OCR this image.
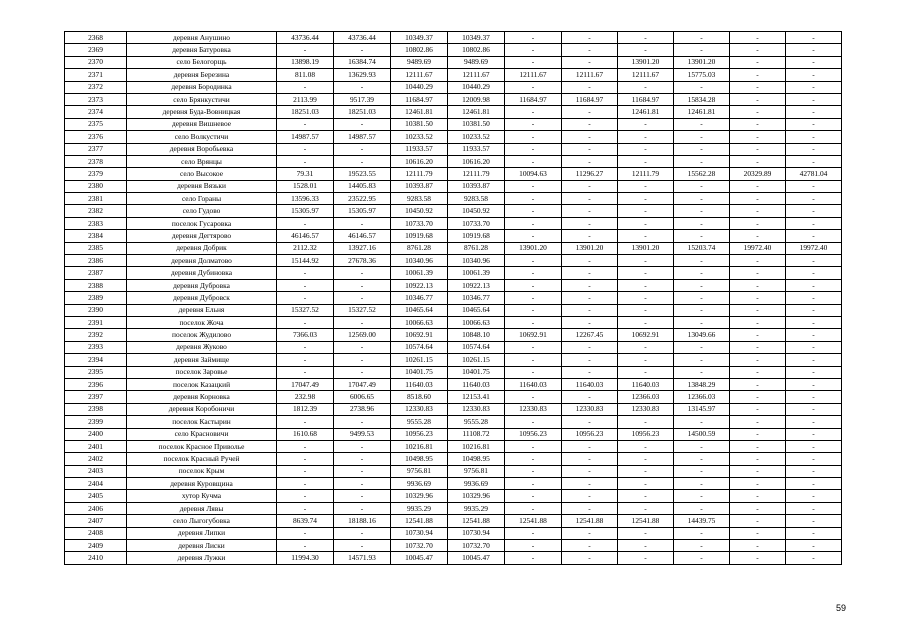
2368	деревня Анушино	43736.44	43736.44	10349.37	10349.37	-	-	-	-	-	-
2369	деревня Батуровка	-	-	10802.86	10802.86	-	-	-	-	-	-
2370	село Белогорщь	13898.19	16384.74	9489.69	9489.69	-	-	13901.20	13901.20	-	-
2371	деревня Березина	811.08	13629.93	12111.67	12111.67	12111.67	12111.67	12111.67	15775.03	-	-
2372	деревня Бородинка	-	-	10440.29	10440.29	-	-	-	-	-	-
2373	село Брянкустичи	2113.99	9517.39	11684.97	12009.98	11684.97	11684.97	11684.97	15834.28	-	-
2374	деревня Буда-Вовницкая	18251.03	18251.03	12461.81	12461.81	-	-	12461.81	12461.81	-	-
2375	деревня Вишневое	-	-	10381.50	10381.50	-	-	-	-	-	-
2376	село Волкустичи	14987.57	14987.57	10233.52	10233.52	-	-	-	-	-	-
2377	деревня Воробьевка	-	-	11933.57	11933.57	-	-	-	-	-	-
2378	село Врянцы	-	-	10616.20	10616.20	-	-	-	-	-	-
2379	село Высокое	79.31	19523.55	12111.79	12111.79	10094.63	11296.27	12111.79	15562.28	20329.89	42781.04
2380	деревня Вязьки	1528.01	14405.83	10393.87	10393.87	-	-	-	-	-	-
2381	село Гораны	13596.33	23522.95	9283.58	9283.58	-	-	-	-	-	-
2382	село Гудово	15305.97	15305.97	10450.92	10450.92	-	-	-	-	-	-
2383	поселок Гусаровка	-	-	10733.70	10733.70	-	-	-	-	-	-
2384	деревня Дегтярово	46146.57	46146.57	10919.68	10919.68	-	-	-	-	-	-
2385	деревня Добрик	2112.32	13927.16	8761.28	8761.28	13901.20	13901.20	13901.20	15203.74	19972.40	19972.40
2386	деревня Долматово	15144.92	27678.36	10340.96	10340.96	-	-	-	-	-	-
2387	деревня Дубиновка	-	-	10061.39	10061.39	-	-	-	-	-	-
2388	деревня Дубровка	-	-	10922.13	10922.13	-	-	-	-	-	-
2389	деревня Дубровск	-	-	10346.77	10346.77	-	-	-	-	-	-
2390	деревня Ельня	15327.52	15327.52	10465.64	10465.64	-	-	-	-	-	-
2391	поселок Жоча	-	-	10066.63	10066.63	-	-	-	-	-	-
2392	поселок Жудилово	7366.03	12569.00	10692.91	10848.10	10692.91	12267.45	10692.91	13049.66	-	-
2393	деревня Жуково	-	-	10574.64	10574.64	-	-	-	-	-	-
2394	деревня Займище	-	-	10261.15	10261.15	-	-	-	-	-	-
2395	поселок Заровье	-	-	10401.75	10401.75	-	-	-	-	-	-
2396	поселок Казацкий	17047.49	17047.49	11640.03	11640.03	11640.03	11640.03	11640.03	13848.29	-	-
2397	деревня Корновка	232.98	6006.65	8518.60	12153.41	-	-	12366.03	12366.03	-	-
2398	деревня Коробоничи	1812.39	2738.96	12330.83	12330.83	12330.83	12330.83	12330.83	13145.97	-	-
2399	поселок Кастырин	-	-	9555.28	9555.28	-	-	-	-	-	-
2400	село Красновичи	1610.68	9499.53	10956.23	11108.72	10956.23	10956.23	10956.23	14500.59	-	-
2401	поселок Красное Приволье	-	-	10216.81	10216.81	-	-	-	-	-	-
2402	поселок Красный Ручей	-	-	10498.95	10498.95	-	-	-	-	-	-
2403	поселок Крым	-	-	9756.81	9756.81	-	-	-	-	-	-
2404	деревня Куровщина	-	-	9936.69	9936.69	-	-	-	-	-	-
2405	хутор Кучма	-	-	10329.96	10329.96	-	-	-	-	-	-
2406	деревня Лявы	-	-	9935.29	9935.29	-	-	-	-	-	-
2407	село Лыгогубовка	8639.74	18188.16	12541.88	12541.88	12541.88	12541.88	12541.88	14439.75	-	-
2408	деревня Липки	-	-	10730.94	10730.94	-	-	-	-	-	-
2409	деревня Лиски	-	-	10732.70	10732.70	-	-	-	-	-	-
2410	деревня Лужки	11994.30	14571.93	10045.47	10045.47	-	-	-	-	-	-
59
